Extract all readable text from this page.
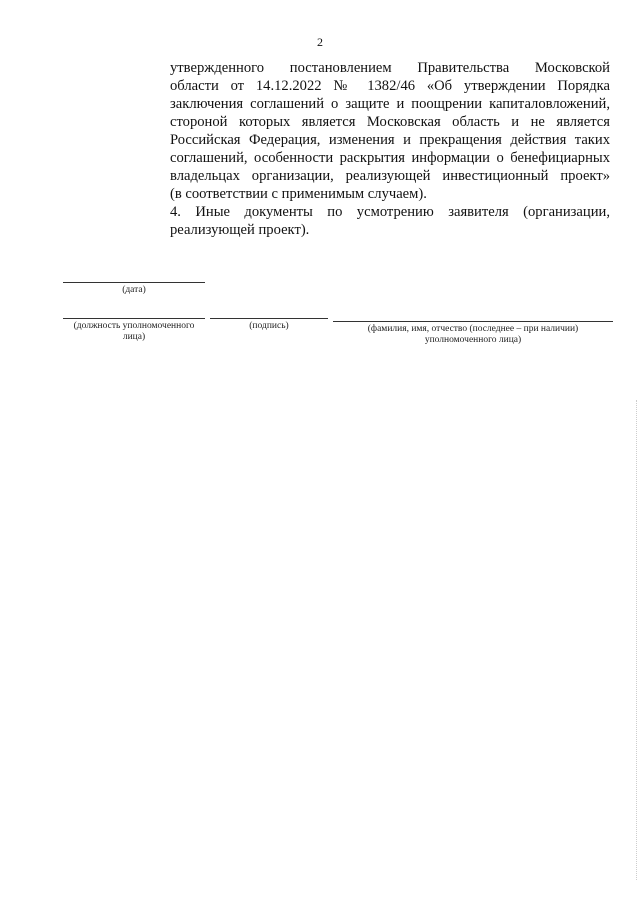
2
утвержденного постановлением Правительства Московской
области от 14.12.2022 № 1382/46 «Об утверждении Порядка
заключения соглашений о защите и поощрении капиталовложений,
стороной которых является Московская область и не является
Российская Федерация, изменения и прекращения действия таких
соглашений, особенности раскрытия информации о бенефициарных
владельцах организации, реализующей инвестиционный проект»
(в соответствии с применимым случаем).
4. Иные документы по усмотрению заявителя (организации,
реализующей проект).
(дата)
(должность уполномоченного
лица)
(подпись)	(фамилия, имя, отчество (последнее – при наличии)
уполномоченного лица)
